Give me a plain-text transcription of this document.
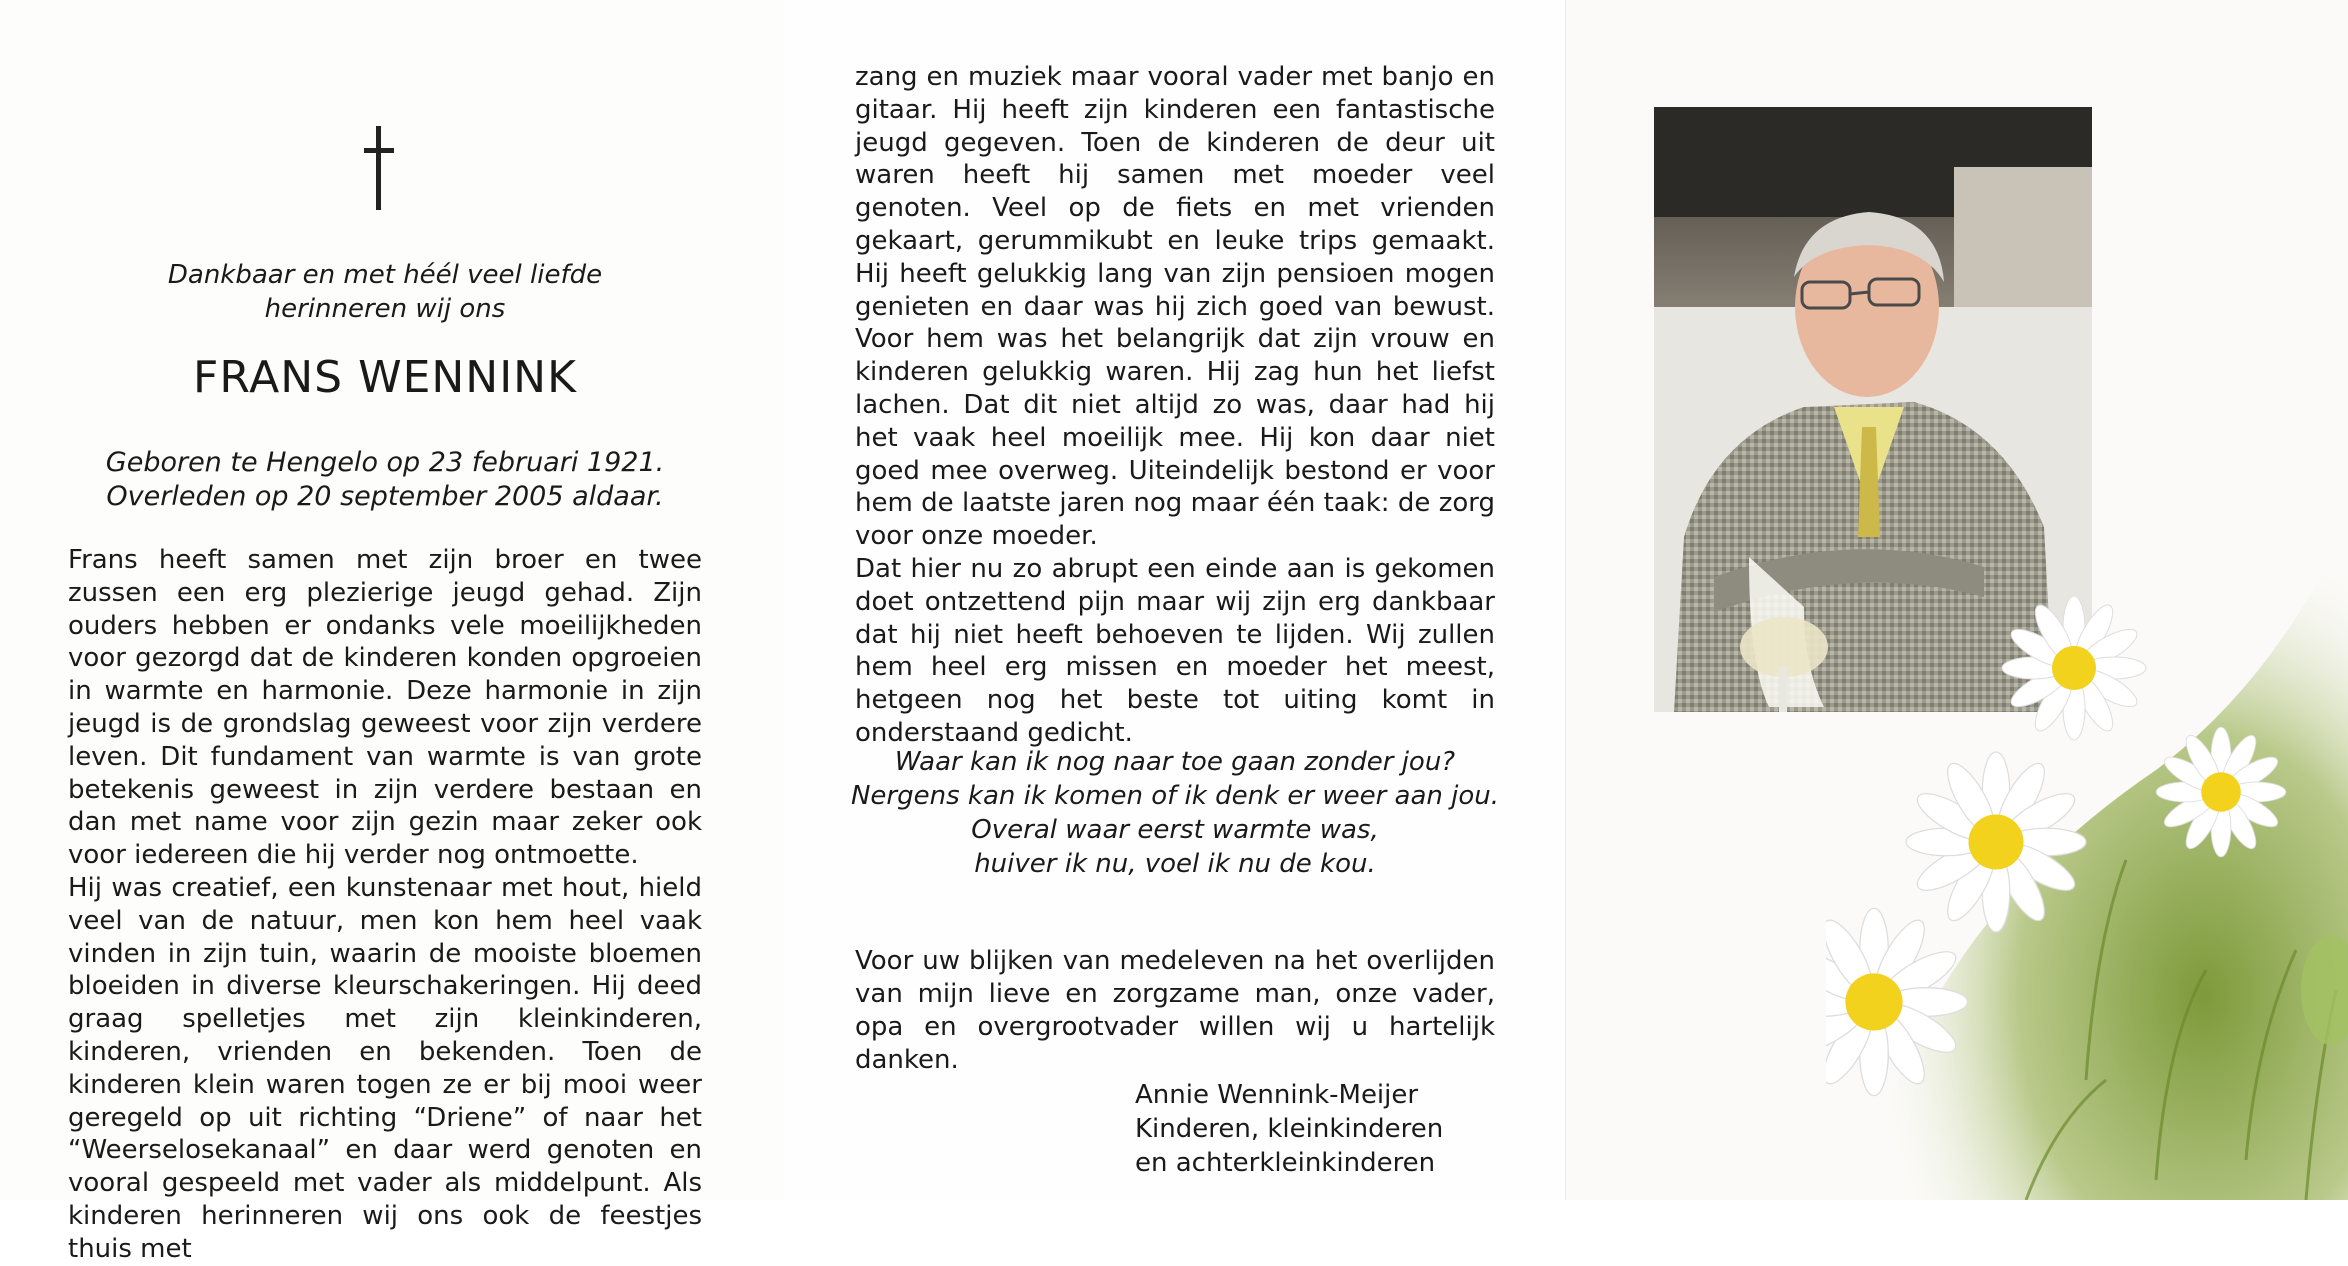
Dankbaar en met héél veel liefde
herinneren wij ons
FRANS WENNINK
Geboren te Hengelo op 23 februari 1921.
Overleden op 20 september 2005 aldaar.

Frans heeft samen met zijn broer en twee zussen een erg plezierige jeugd gehad. Zijn ouders hebben er ondanks vele moeilijkheden voor gezorgd dat de kinderen konden opgroeien in warmte en harmonie. Deze harmonie in zijn jeugd is de grondslag geweest voor zijn verdere leven. Dit fundament van warmte is van grote betekenis geweest in zijn verdere bestaan en dan met name voor zijn gezin maar zeker ook voor iedereen die hij verder nog ontmoette.

Hij was creatief, een kunstenaar met hout, hield veel van de natuur, men kon hem heel vaak vinden in zijn tuin, waarin de mooiste bloemen bloeiden in diverse kleurschakeringen. Hij deed graag spelletjes met zijn kleinkinderen, kinderen, vrienden en bekenden. Toen de kinderen klein waren togen ze er bij mooi weer geregeld op uit richting “Driene” of naar het “Weerselosekanaal” en daar werd genoten en vooral gespeeld met vader als middelpunt. Als kinderen herinneren wij ons ook de feestjes thuis met

zang en muziek maar vooral vader met banjo en gitaar. Hij heeft zijn kinderen een fantastische jeugd gegeven. Toen de kinderen de deur uit waren heeft hij samen met moeder veel genoten. Veel op de fiets en met vrienden gekaart, gerummikubt en leuke trips gemaakt. Hij heeft gelukkig lang van zijn pensioen mogen genieten en daar was hij zich goed van bewust. Voor hem was het belangrijk dat zijn vrouw en kinderen gelukkig waren. Hij zag hun het liefst lachen. Dat dit niet altijd zo was, daar had hij het vaak heel moeilijk mee. Hij kon daar niet goed mee overweg. Uiteindelijk bestond er voor hem de laatste jaren nog maar één taak: de zorg voor onze moeder.

Dat hier nu zo abrupt een einde aan is gekomen doet ontzettend pijn maar wij zijn erg dankbaar dat hij niet heeft behoeven te lijden. Wij zullen hem heel erg missen en moeder het meest, hetgeen nog het beste tot uiting komt in onderstaand gedicht.

Waar kan ik nog naar toe gaan zonder jou?
Nergens kan ik komen of ik denk er weer aan jou.
Overal waar eerst warmte was,
huiver ik nu, voel ik nu de kou.
Voor uw blijken van medeleven na het overlijden van mijn lieve en zorgzame man, onze vader, opa en overgrootvader willen wij u hartelijk danken.
Annie Wennink-Meijer
Kinderen, kleinkinderen
en achterkleinkinderen
